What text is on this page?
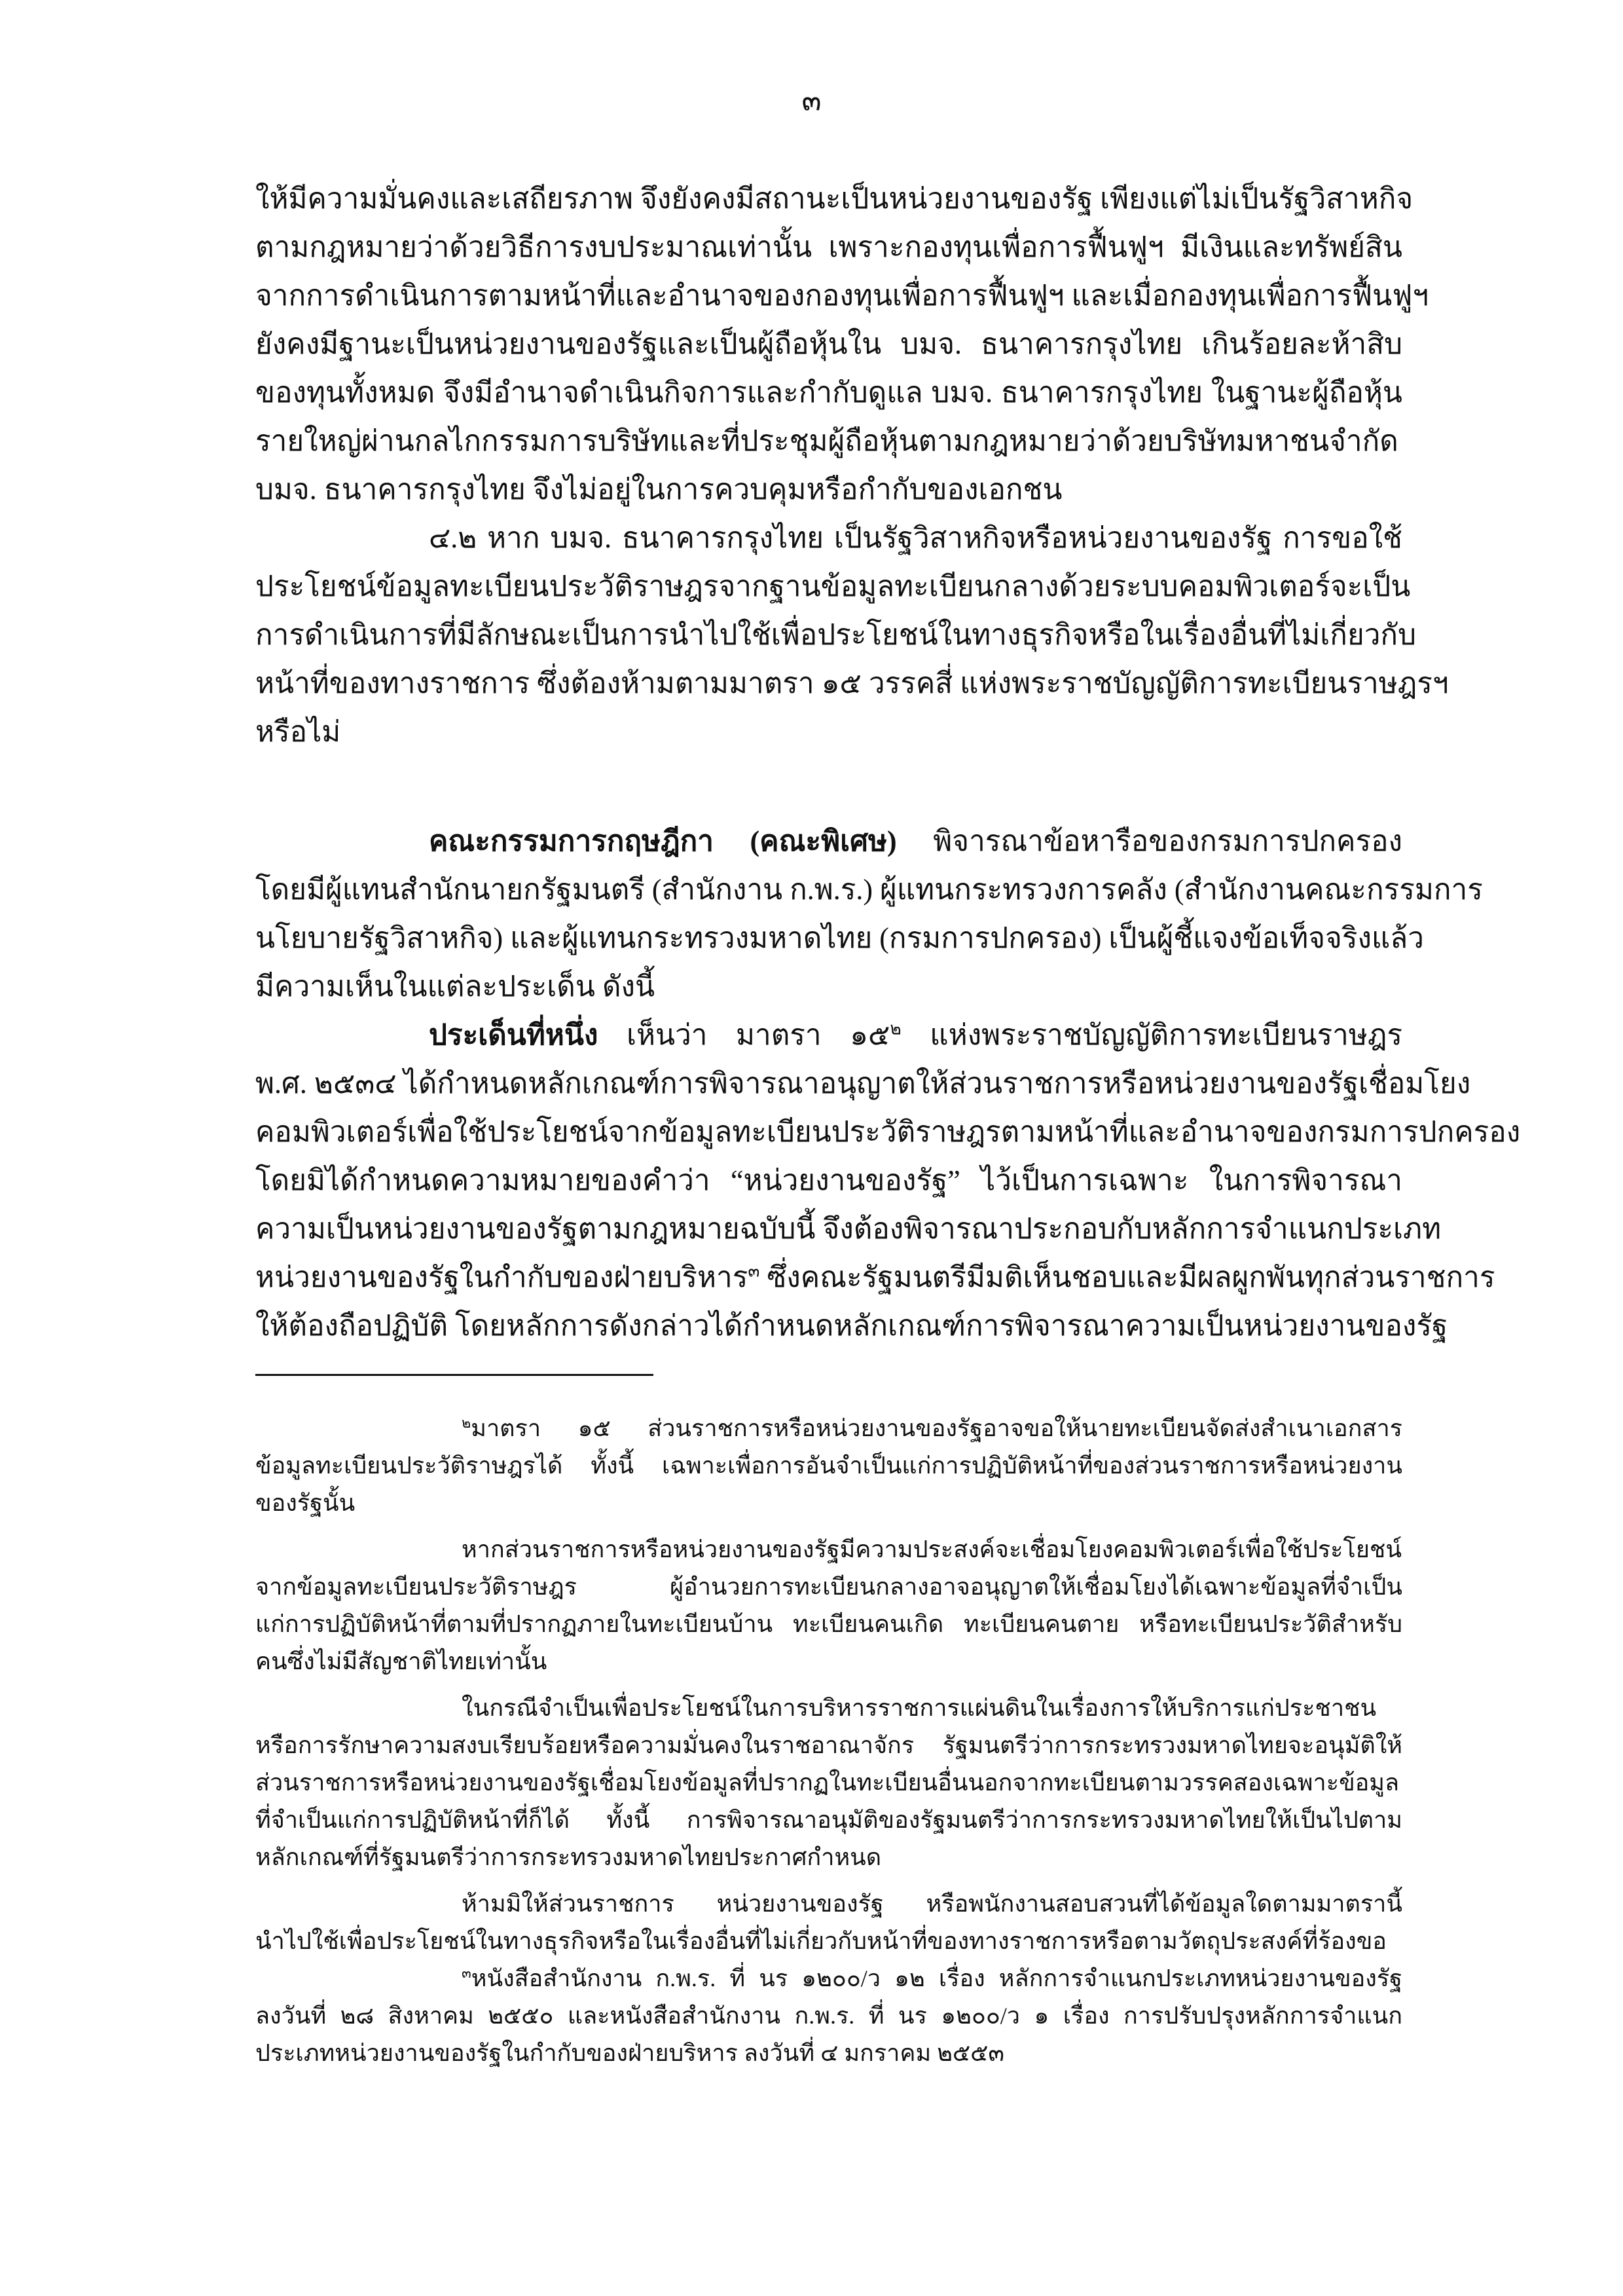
๓
ให้มีความมั่นคงและเสถียรภาพ จึงยังคงมีสถานะเป็นหน่วยงานของรัฐ เพียงแต่ไม่เป็นรัฐวิสาหกิจ
ตามกฎหมายว่าด้วยวิธีการงบประมาณเท่านั้น เพราะกองทุนเพื่อการฟื้นฟูฯ มีเงินและทรัพย์สิน
จากการดำเนินการตามหน้าที่และอำนาจของกองทุนเพื่อการฟื้นฟูฯ และเมื่อกองทุนเพื่อการฟื้นฟูฯ
ยังคงมีฐานะเป็นหน่วยงานของรัฐและเป็นผู้ถือหุ้นใน บมจ. ธนาคารกรุงไทย เกินร้อยละห้าสิบ
ของทุนทั้งหมด จึงมีอำนาจดำเนินกิจการและกำกับดูแล บมจ. ธนาคารกรุงไทย ในฐานะผู้ถือหุ้น
รายใหญ่ผ่านกลไกกรรมการบริษัทและที่ประชุมผู้ถือหุ้นตามกฎหมายว่าด้วยบริษัทมหาชนจำกัด
บมจ. ธนาคารกรุงไทย จึงไม่อยู่ในการควบคุมหรือกำกับของเอกชน
๔.๒ หาก บมจ. ธนาคารกรุงไทย เป็นรัฐวิสาหกิจหรือหน่วยงานของรัฐ การขอใช้
ประโยชน์ข้อมูลทะเบียนประวัติราษฎรจากฐานข้อมูลทะเบียนกลางด้วยระบบคอมพิวเตอร์จะเป็น
การดำเนินการที่มีลักษณะเป็นการนำไปใช้เพื่อประโยชน์ในทางธุรกิจหรือในเรื่องอื่นที่ไม่เกี่ยวกับ
หน้าที่ของทางราชการ ซึ่งต้องห้ามตามมาตรา ๑๕ วรรคสี่ แห่งพระราชบัญญัติการทะเบียนราษฎรฯ
หรือไม่
คณะกรรมการกฤษฎีกา (คณะพิเศษ) พิจารณาข้อหารือของกรมการปกครอง
โดยมีผู้แทนสำนักนายกรัฐมนตรี (สำนักงาน ก.พ.ร.) ผู้แทนกระทรวงการคลัง (สำนักงานคณะกรรมการ
นโยบายรัฐวิสาหกิจ) และผู้แทนกระทรวงมหาดไทย (กรมการปกครอง) เป็นผู้ชี้แจงข้อเท็จจริงแล้ว
มีความเห็นในแต่ละประเด็น ดังนี้
ประเด็นที่หนึ่ง เห็นว่า มาตรา ๑๕$^๒$ แห่งพระราชบัญญัติการทะเบียนราษฎร
พ.ศ. ๒๕๓๔ ได้กำหนดหลักเกณฑ์การพิจารณาอนุญาตให้ส่วนราชการหรือหน่วยงานของรัฐเชื่อมโยง
คอมพิวเตอร์เพื่อใช้ประโยชน์จากข้อมูลทะเบียนประวัติราษฎรตามหน้าที่และอำนาจของกรมการปกครอง
โดยมิได้กำหนดความหมายของคำว่า “หน่วยงานของรัฐ” ไว้เป็นการเฉพาะ ในการพิจารณา
ความเป็นหน่วยงานของรัฐตามกฎหมายฉบับนี้ จึงต้องพิจารณาประกอบกับหลักการจำแนกประเภท
หน่วยงานของรัฐในกำกับของฝ่ายบริหาร$^๓$ ซึ่งคณะรัฐมนตรีมีมติเห็นชอบและมีผลผูกพันทุกส่วนราชการ
ให้ต้องถือปฏิบัติ โดยหลักการดังกล่าวได้กำหนดหลักเกณฑ์การพิจารณาความเป็นหน่วยงานของรัฐ
$^๒$มาตรา ๑๕ ส่วนราชการหรือหน่วยงานของรัฐอาจขอให้นายทะเบียนจัดส่งสำเนาเอกสาร
ข้อมูลทะเบียนประวัติราษฎรได้ ทั้งนี้ เฉพาะเพื่อการอันจำเป็นแก่การปฏิบัติหน้าที่ของส่วนราชการหรือหน่วยงาน
ของรัฐนั้น
หากส่วนราชการหรือหน่วยงานของรัฐมีความประสงค์จะเชื่อมโยงคอมพิวเตอร์เพื่อใช้ประโยชน์
จากข้อมูลทะเบียนประวัติราษฎร ผู้อำนวยการทะเบียนกลางอาจอนุญาตให้เชื่อมโยงได้เฉพาะข้อมูลที่จำเป็น
แก่การปฏิบัติหน้าที่ตามที่ปรากฏภายในทะเบียนบ้าน ทะเบียนคนเกิด ทะเบียนคนตาย หรือทะเบียนประวัติสำหรับ
คนซึ่งไม่มีสัญชาติไทยเท่านั้น
ในกรณีจำเป็นเพื่อประโยชน์ในการบริหารราชการแผ่นดินในเรื่องการให้บริการแก่ประชาชน
หรือการรักษาความสงบเรียบร้อยหรือความมั่นคงในราชอาณาจักร รัฐมนตรีว่าการกระทรวงมหาดไทยจะอนุมัติให้
ส่วนราชการหรือหน่วยงานของรัฐเชื่อมโยงข้อมูลที่ปรากฏในทะเบียนอื่นนอกจากทะเบียนตามวรรคสองเฉพาะข้อมูล
ที่จำเป็นแก่การปฏิบัติหน้าที่ก็ได้ ทั้งนี้ การพิจารณาอนุมัติของรัฐมนตรีว่าการกระทรวงมหาดไทยให้เป็นไปตาม
หลักเกณฑ์ที่รัฐมนตรีว่าการกระทรวงมหาดไทยประกาศกำหนด
ห้ามมิให้ส่วนราชการ หน่วยงานของรัฐ หรือพนักงานสอบสวนที่ได้ข้อมูลใดตามมาตรานี้
นำไปใช้เพื่อประโยชน์ในทางธุรกิจหรือในเรื่องอื่นที่ไม่เกี่ยวกับหน้าที่ของทางราชการหรือตามวัตถุประสงค์ที่ร้องขอ
$^๓$หนังสือสำนักงาน ก.พ.ร. ที่ นร ๑๒๐๐/ว ๑๒ เรื่อง หลักการจำแนกประเภทหน่วยงานของรัฐ
ลงวันที่ ๒๘ สิงหาคม ๒๕๕๐ และหนังสือสำนักงาน ก.พ.ร. ที่ นร ๑๒๐๐/ว ๑ เรื่อง การปรับปรุงหลักการจำแนก
ประเภทหน่วยงานของรัฐในกำกับของฝ่ายบริหาร ลงวันที่ ๔ มกราคม ๒๕๕๓
